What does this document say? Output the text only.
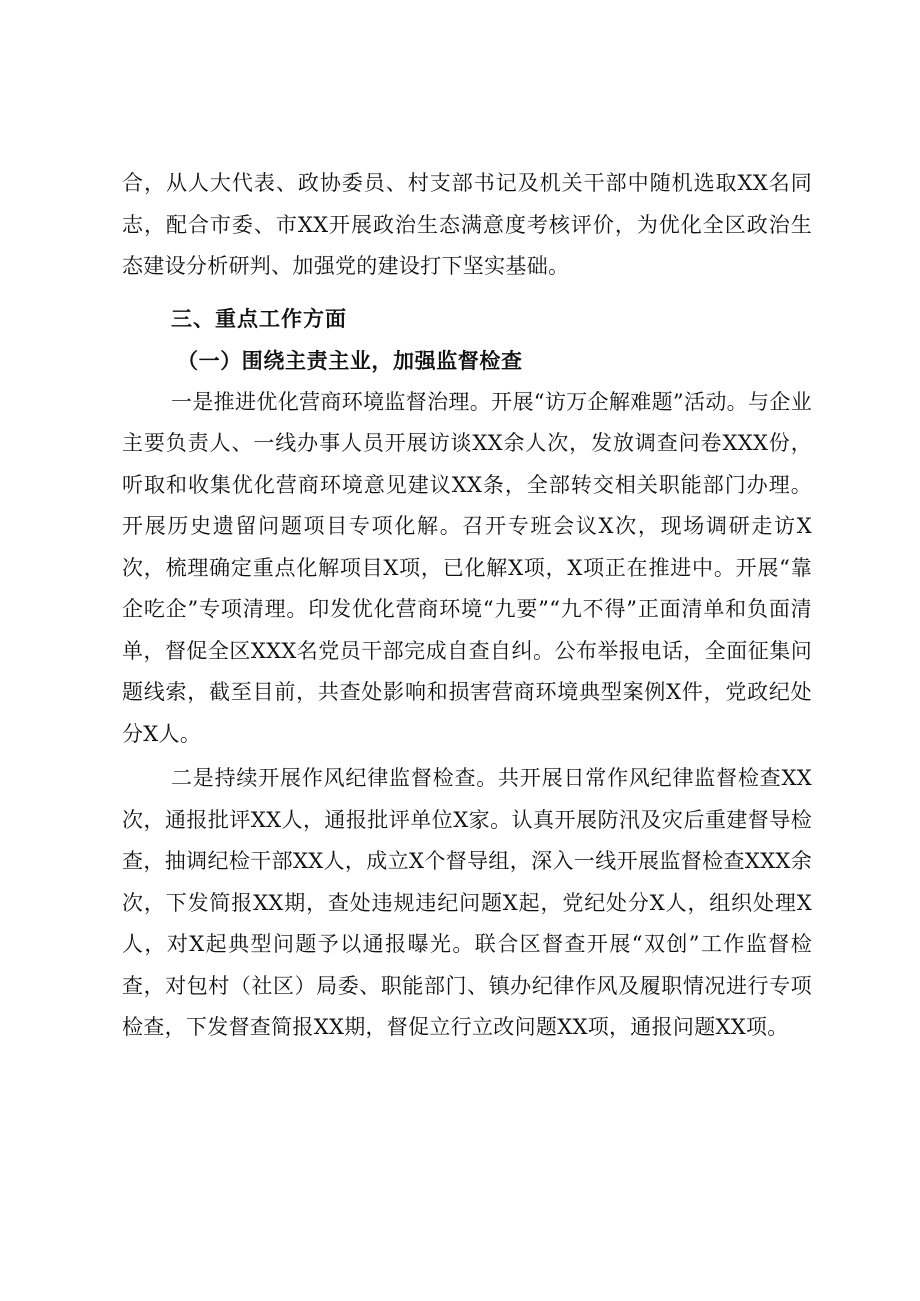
合，从人大代表、政协委员、村支部书记及机关干部中随机选取XX名同志，配合市委、市XX开展政治生态满意度考核评价，为优化全区政治生态建设分析研判、加强党的建设打下坚实基础。

三、重点工作方面
（一）围绕主责主业，加强监督检查

一是推进优化营商环境监督治理。开展“访万企解难题”活动。与企业主要负责人、一线办事人员开展访谈XX余人次，发放调查问卷XXX份，听取和收集优化营商环境意见建议XX条，全部转交相关职能部门办理。开展历史遗留问题项目专项化解。召开专班会议X次，现场调研走访X次，梳理确定重点化解项目X项，已化解X项，X项正在推进中。开展“靠企吃企”专项清理。印发优化营商环境“九要”“九不得”正面清单和负面清单，督促全区XXX名党员干部完成自查自纠。公布举报电话，全面征集问题线索，截至目前，共查处影响和损害营商环境典型案例X件，党政纪处分X人。

二是持续开展作风纪律监督检查。共开展日常作风纪律监督检查XX次，通报批评XX人，通报批评单位X家。认真开展防汛及灾后重建督导检查，抽调纪检干部XX人，成立X个督导组，深入一线开展监督检查XXX余次，下发简报XX期，查处违规违纪问题X起，党纪处分X人，组织处理X人，对X起典型问题予以通报曝光。联合区督查开展“双创”工作监督检查，对包村（社区）局委、职能部门、镇办纪律作风及履职情况进行专项检查，下发督查简报XX期，督促立行立改问题XX项，通报问题XX项。
